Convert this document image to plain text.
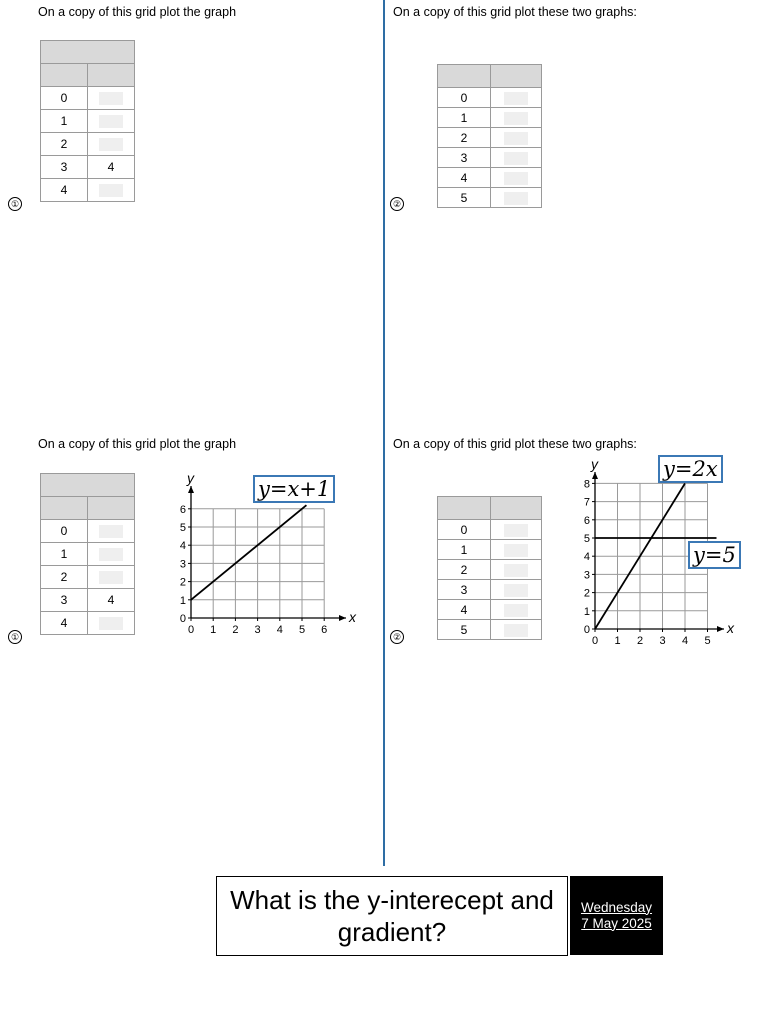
On a copy of this grid plot the graph
①

0	
1	
2	
3	4
4	
On a copy of this grid plot these two graphs:
②

0	
1	
2	
3	
4	
5	
On a copy of this grid plot the graph
①

0	
1	
2	
3	4
4		0 1 2 3 4 5 6
0
1
2
3
4
5
6
x
y	y=x+1
On a copy of this grid plot these two graphs:
②

0	
1	
2	
3	
4	
5	
0 1 2 3 4 5
0
1
2
3
4
5
6
7
8
x
y	y=2x
y=5
What is the y-interecept and gradient?
Wednesday
7 May 2025
